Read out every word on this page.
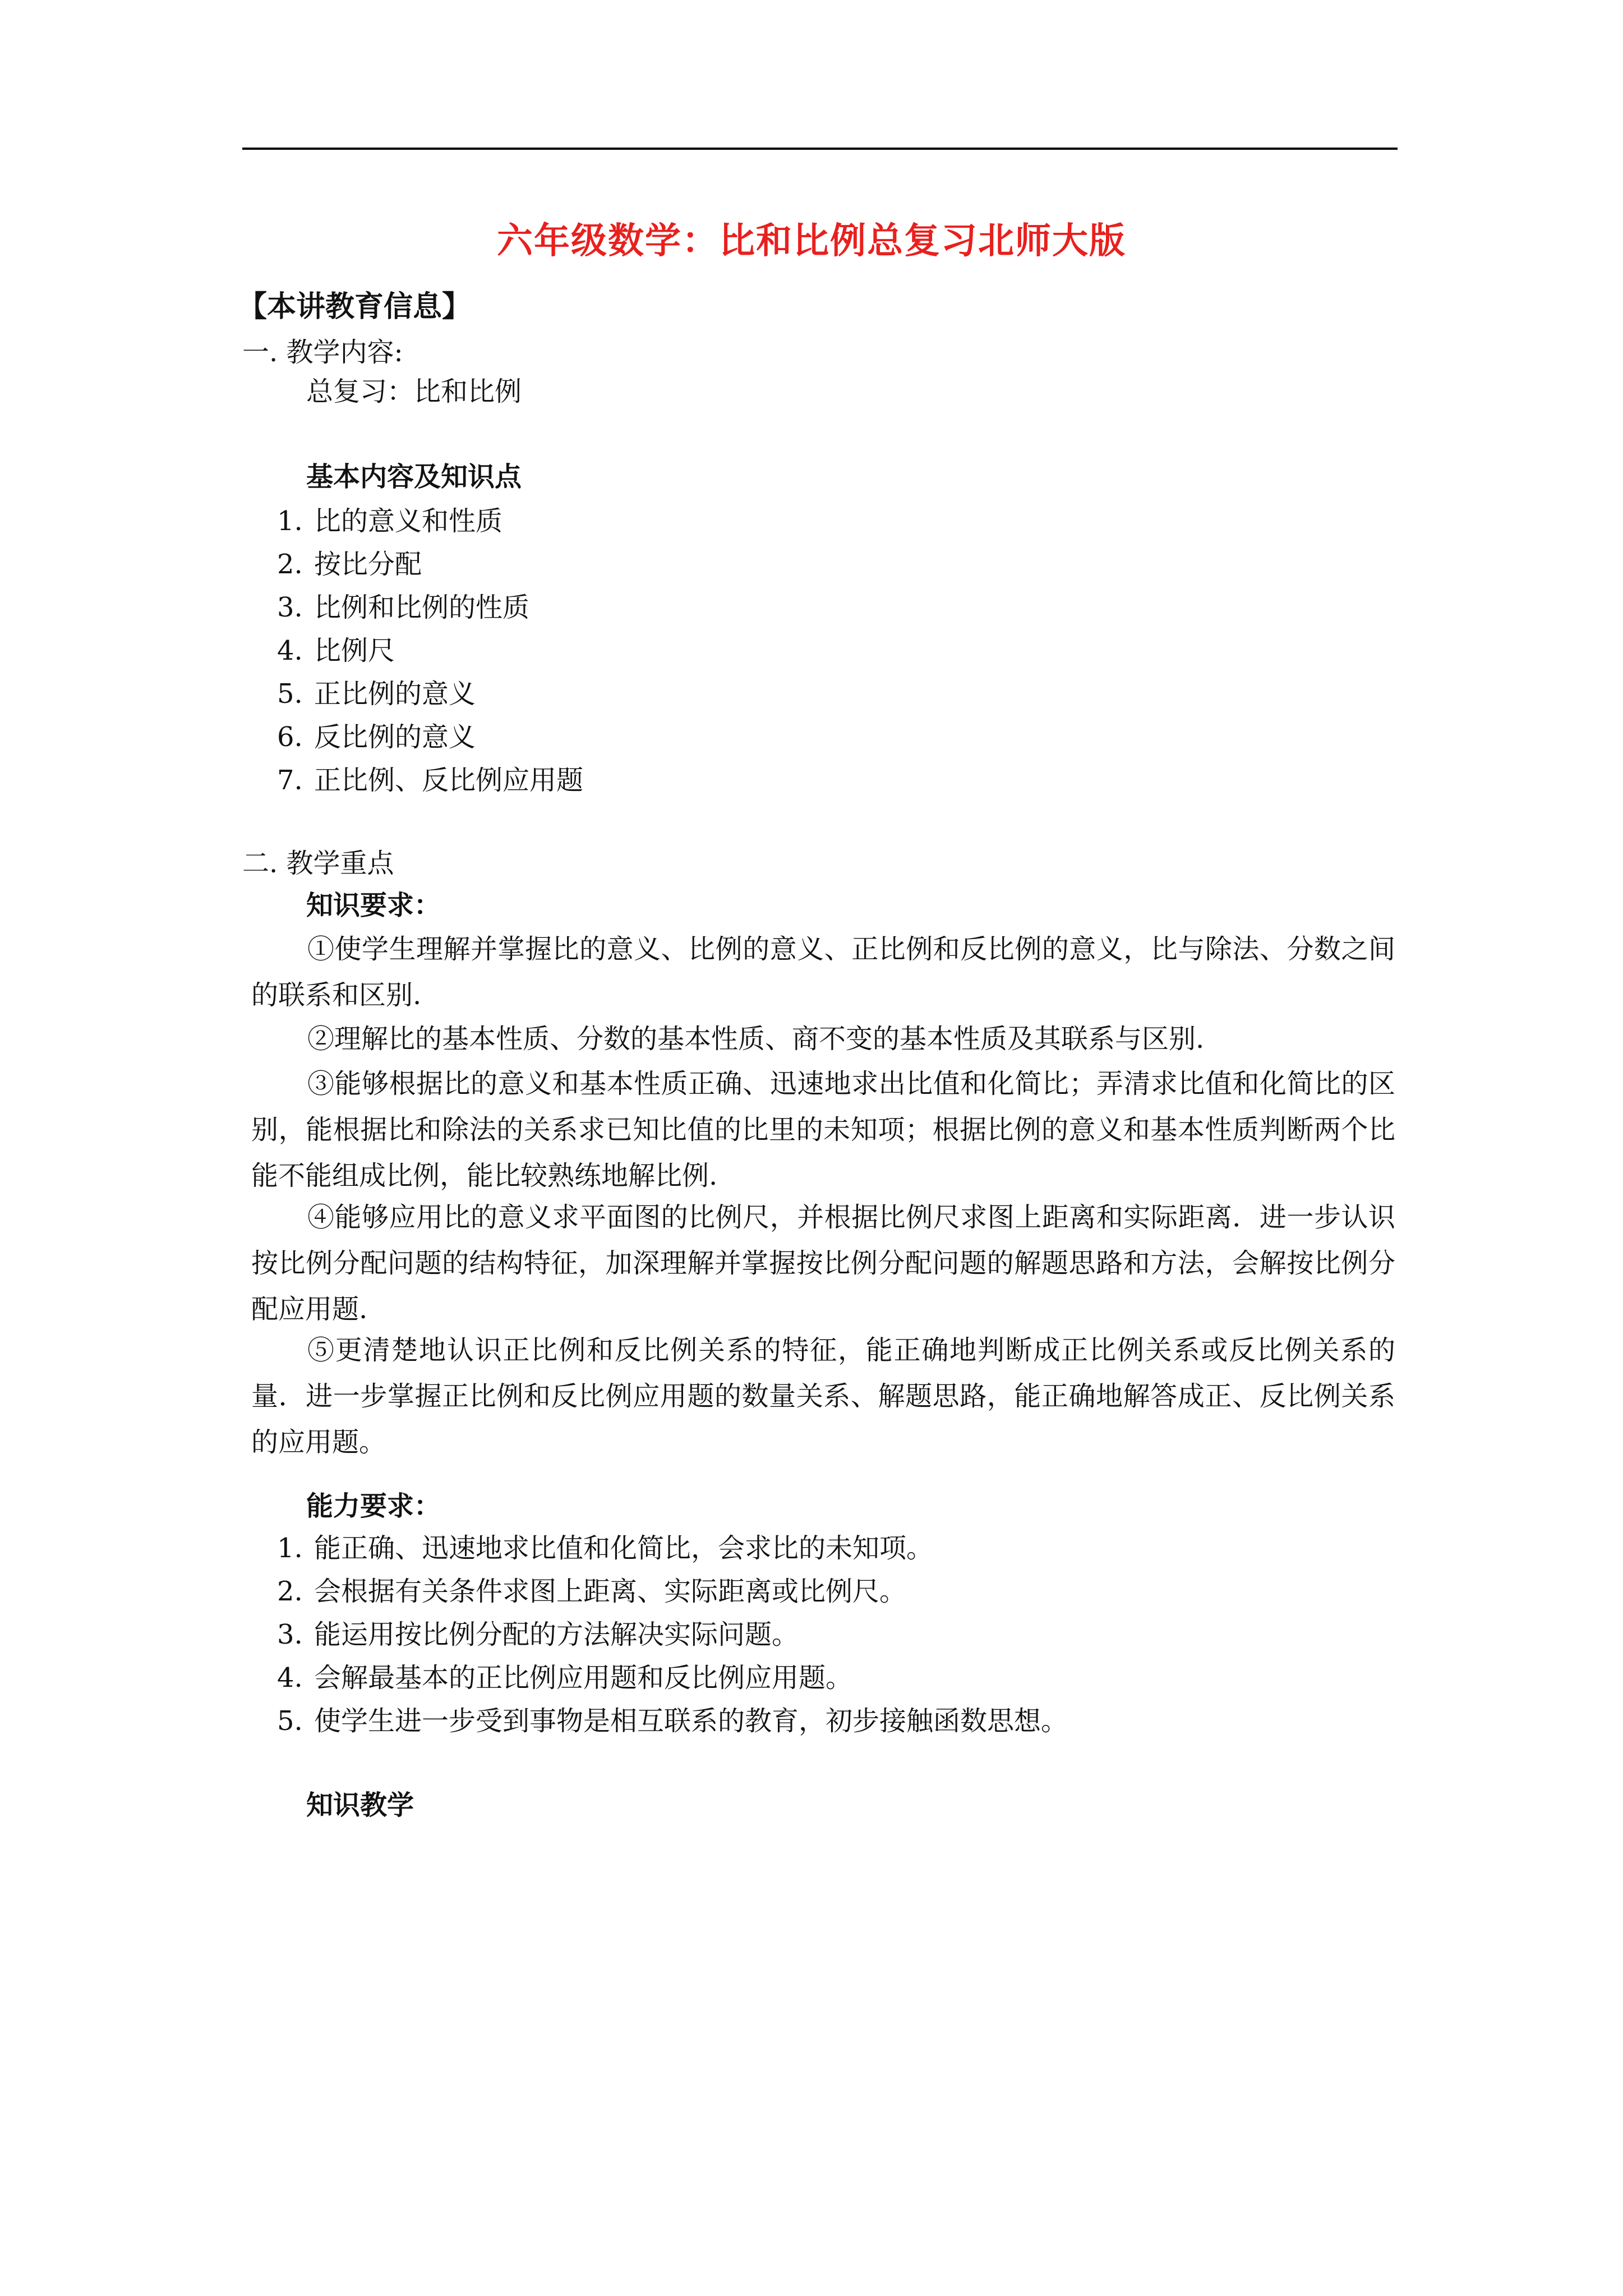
六年级数学：比和比例总复习北师大版
【本讲教育信息】
一. 教学内容:
总复习：比和比例
基本内容及知识点
1. 比的意义和性质
2. 按比分配
3. 比例和比例的性质
4. 比例尺
5. 正比例的意义
6. 反比例的意义
7. 正比例、反比例应用题
二. 教学重点
知识要求：
①使学生理解并掌握比的意义、比例的意义、正比例和反比例的意义，比与除法、分数之间的联系和区别.
②理解比的基本性质、分数的基本性质、商不变的基本性质及其联系与区别.
③能够根据比的意义和基本性质正确、迅速地求出比值和化简比；弄清求比值和化简比的区别，能根据比和除法的关系求已知比值的比里的未知项；根据比例的意义和基本性质判断两个比能不能组成比例，能比较熟练地解比例.
④能够应用比的意义求平面图的比例尺，并根据比例尺求图上距离和实际距离．进一步认识按比例分配问题的结构特征，加深理解并掌握按比例分配问题的解题思路和方法，会解按比例分配应用题.
⑤更清楚地认识正比例和反比例关系的特征，能正确地判断成正比例关系或反比例关系的量．进一步掌握正比例和反比例应用题的数量关系、解题思路，能正确地解答成正、反比例关系的应用题。
能力要求：
1. 能正确、迅速地求比值和化简比，会求比的未知项。
2. 会根据有关条件求图上距离、实际距离或比例尺。
3. 能运用按比例分配的方法解决实际问题。
4. 会解最基本的正比例应用题和反比例应用题。
5. 使学生进一步受到事物是相互联系的教育，初步接触函数思想。
知识教学
